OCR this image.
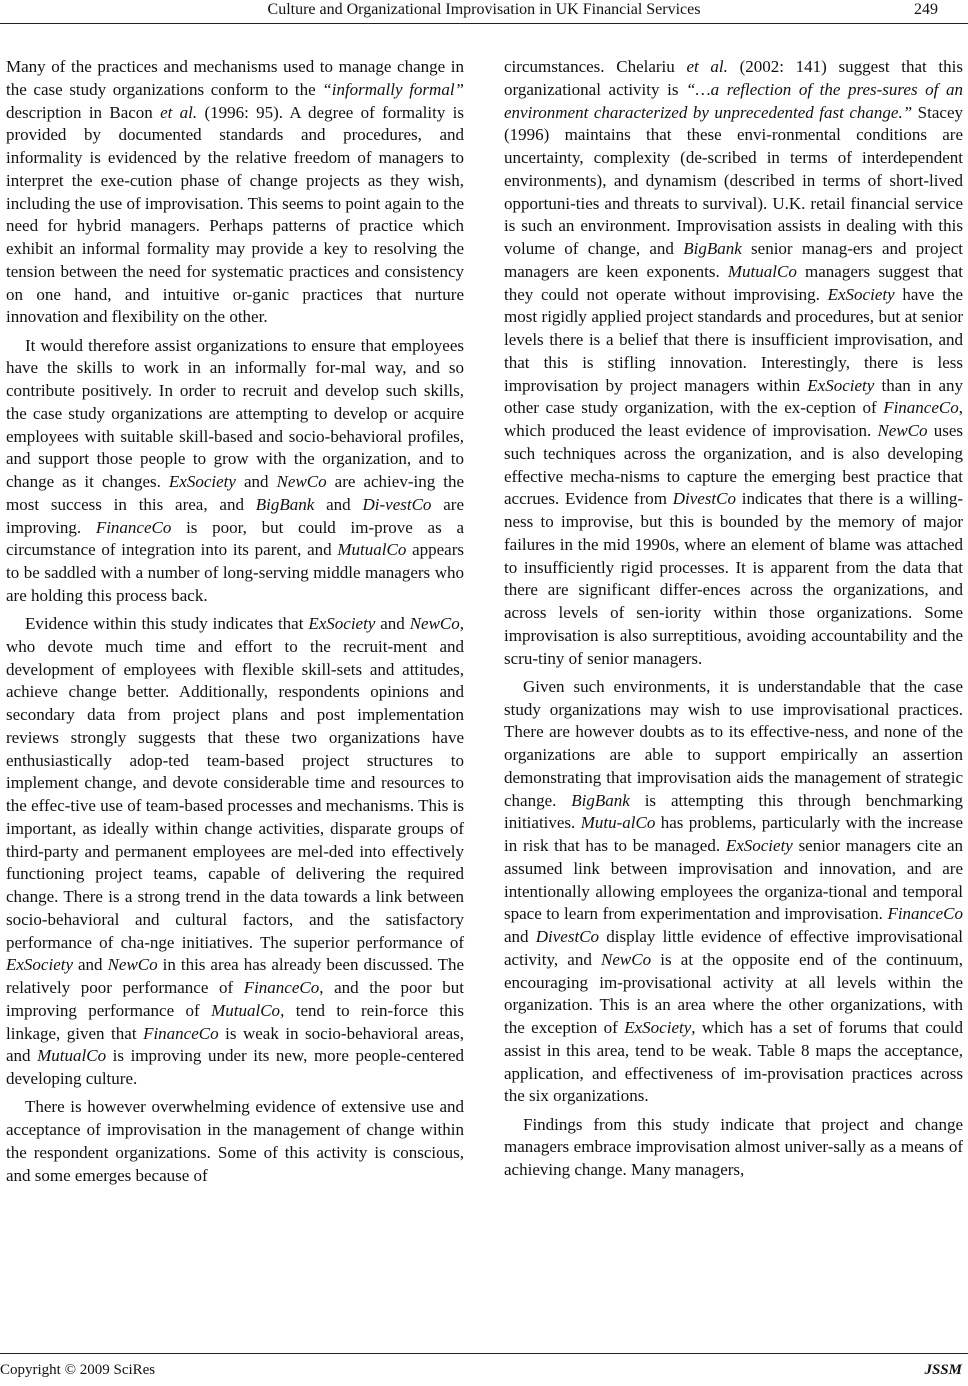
Culture and Organizational Improvisation in UK Financial Services	249

Many of the practices and mechanisms used to manage change in the case study organizations conform to the “informally formal” description in Bacon et al. (1996: 95). A degree of formality is provided by documented standards and procedures, and informality is evidenced by the relative freedom of managers to interpret the exe-cution phase of change projects as they wish, including the use of improvisation. This seems to point again to the need for hybrid managers. Perhaps patterns of practice which exhibit an informal formality may provide a key to resolving the tension between the need for systematic practices and consistency on one hand, and intuitive or-ganic practices that nurture innovation and flexibility on the other.

It would therefore assist organizations to ensure that employees have the skills to work in an informally for-mal way, and so contribute positively. In order to recruit and develop such skills, the case study organizations are attempting to develop or acquire employees with suitable skill-based and socio-behavioral profiles, and support those people to grow with the organization, and to change as it changes. ExSociety and NewCo are achiev-ing the most success in this area, and BigBank and Di-vestCo are improving. FinanceCo is poor, but could im-prove as a circumstance of integration into its parent, and MutualCo appears to be saddled with a number of long-serving middle managers who are holding this process back.

Evidence within this study indicates that ExSociety and NewCo, who devote much time and effort to the recruit-ment and development of employees with flexible skill-sets and attitudes, achieve change better. Additionally, respondents opinions and secondary data from project plans and post implementation reviews strongly suggests that these two organizations have enthusiastically adop-ted team-based project structures to implement change, and devote considerable time and resources to the effec-tive use of team-based processes and mechanisms. This is important, as ideally within change activities, disparate groups of third-party and permanent employees are mel-ded into effectively functioning project teams, capable of delivering the required change. There is a strong trend in the data towards a link between socio-behavioral and cultural factors, and the satisfactory performance of cha-nge initiatives. The superior performance of ExSociety and NewCo in this area has already been discussed. The relatively poor performance of FinanceCo, and the poor but improving performance of MutualCo, tend to rein-force this linkage, given that FinanceCo is weak in socio-behavioral areas, and MutualCo is improving under its new, more people-centered developing culture.

There is however overwhelming evidence of extensive use and acceptance of improvisation in the management of change within the respondent organizations. Some of this activity is conscious, and some emerges because of

circumstances. Chelariu et al. (2002: 141) suggest that this organizational activity is “…a reflection of the pres-sures of an environment characterized by unprecedented fast change.” Stacey (1996) maintains that these envi-ronmental conditions are uncertainty, complexity (de-scribed in terms of interdependent environments), and dynamism (described in terms of short-lived opportuni-ties and threats to survival). U.K. retail financial service is such an environment. Improvisation assists in dealing with this volume of change, and BigBank senior manag-ers and project managers are keen exponents. MutualCo managers suggest that they could not operate without improvising. ExSociety have the most rigidly applied project standards and procedures, but at senior levels there is a belief that there is insufficient improvisation, and that this is stifling innovation. Interestingly, there is less improvisation by project managers within ExSociety than in any other case study organization, with the ex-ception of FinanceCo, which produced the least evidence of improvisation. NewCo uses such techniques across the organization, and is also developing effective mecha-nisms to capture the emerging best practice that accrues. Evidence from DivestCo indicates that there is a willing-ness to improvise, but this is bounded by the memory of major failures in the mid 1990s, where an element of blame was attached to insufficiently rigid processes. It is apparent from the data that there are significant differ-ences across the organizations, and across levels of sen-iority within those organizations. Some improvisation is also surreptitious, avoiding accountability and the scru-tiny of senior managers.

Given such environments, it is understandable that the case study organizations may wish to use improvisational practices. There are however doubts as to its effective-ness, and none of the organizations are able to support empirically an assertion demonstrating that improvisation aids the management of strategic change. BigBank is attempting this through benchmarking initiatives. Mutu-alCo has problems, particularly with the increase in risk that has to be managed. ExSociety senior managers cite an assumed link between improvisation and innovation, and are intentionally allowing employees the organiza-tional and temporal space to learn from experimentation and improvisation. FinanceCo and DivestCo display little evidence of effective improvisational activity, and NewCo is at the opposite end of the continuum, encouraging im-provisational activity at all levels within the organization. This is an area where the other organizations, with the exception of ExSociety, which has a set of forums that could assist in this area, tend to be weak. Table 8 maps the acceptance, application, and effectiveness of im-provisation practices across the six organizations.

Findings from this study indicate that project and change managers embrace improvisation almost univer-sally as a means of achieving change. Many managers,

Copyright © 2009 SciRes	JSSM
